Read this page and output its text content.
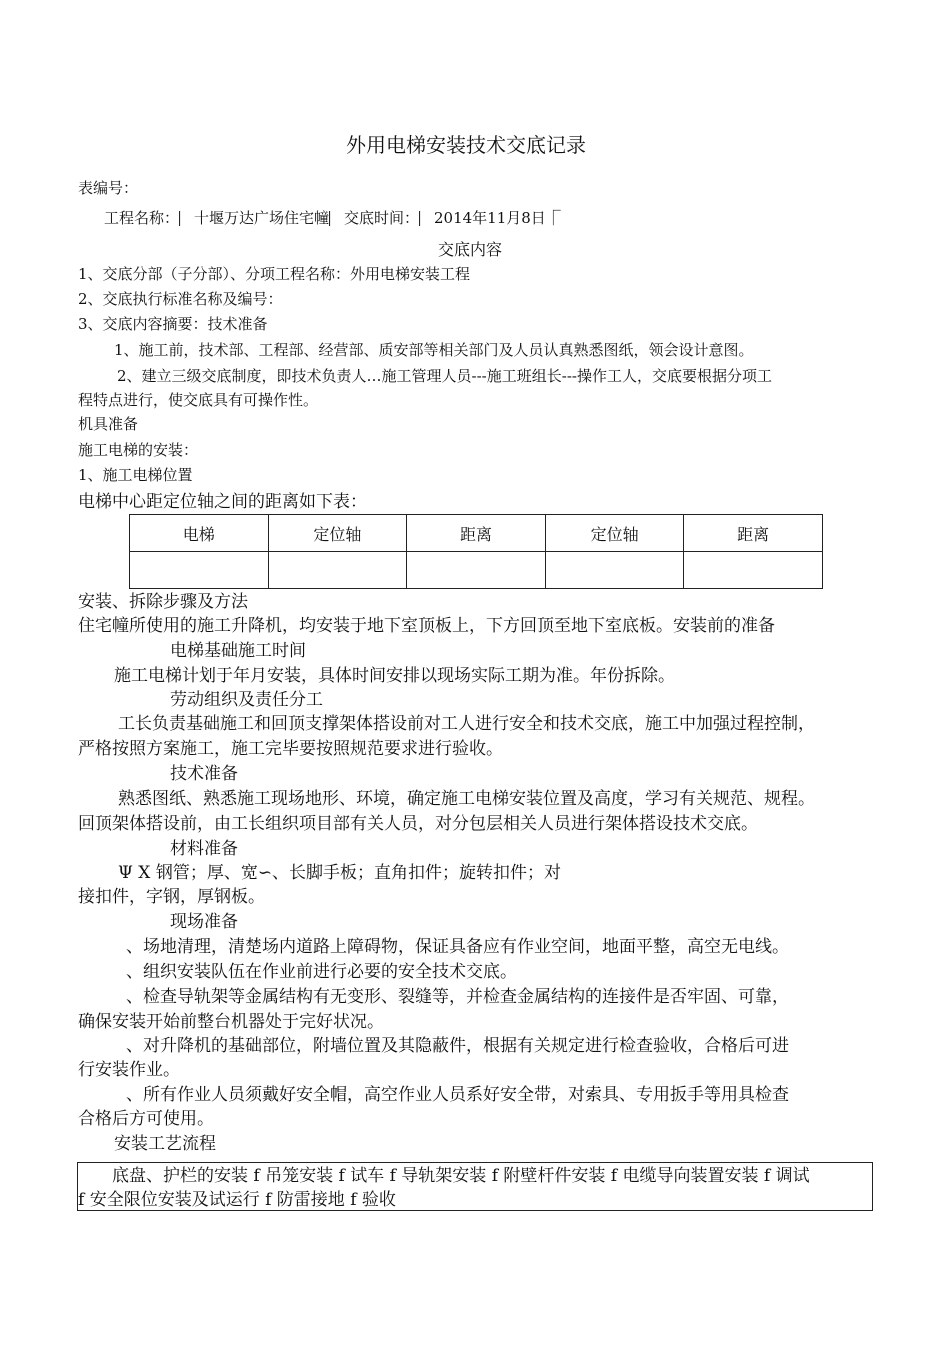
外用电梯安装技术交底记录
表编号：
工程名称：⎸十堰万达广场住宅幢⎸交底时间：⎸2014年11月8日⎾
交底内容
1、交底分部（子分部）、分项工程名称：外用电梯安装工程
2、交底执行标准名称及编号：
3、交底内容摘要：技术准备
1、施工前，技术部、工程部、经营部、质安部等相关部门及人员认真熟悉图纸，领会设计意图。
2、建立三级交底制度，即技术负责人…施工管理人员---施工班组长---操作工人，交底要根据分项工
程特点进行，使交底具有可操作性。
机具准备
施工电梯的安装：
1、施工电梯位置
电梯中心距定位轴之间的距离如下表：
电梯	定位轴	距离	定位轴	距离

安装、拆除步骤及方法
住宅幢所使用的施工升降机，均安装于地下室顶板上，下方回顶至地下室底板。安装前的准备
电梯基础施工时间
施工电梯计划于年月安装，具体时间安排以现场实际工期为准。年份拆除。
劳动组织及责任分工
工长负责基础施工和回顶支撑架体搭设前对工人进行安全和技术交底，施工中加强过程控制，
严格按照方案施工，施工完毕要按照规范要求进行验收。
技术准备
熟悉图纸、熟悉施工现场地形、环境，确定施工电梯安装位置及高度，学习有关规范、规程。
回顶架体搭设前，由工长组织项目部有关人员，对分包层相关人员进行架体搭设技术交底。
材料准备
Ψ X 钢管；厚、宽∽、长脚手板；直角扣件；旋转扣件；对
接扣件，字钢，厚钢板。
现场准备
、场地清理，清楚场内道路上障碍物，保证具备应有作业空间，地面平整，高空无电线。
、组织安装队伍在作业前进行必要的安全技术交底。
、检查导轨架等金属结构有无变形、裂缝等，并检查金属结构的连接件是否牢固、可靠，
确保安装开始前整台机器处于完好状况。
、对升降机的基础部位，附墙位置及其隐蔽件，根据有关规定进行检查验收，合格后可进
行安装作业。
、所有作业人员须戴好安全帽，高空作业人员系好安全带，对索具、专用扳手等用具检查
合格后方可使用。
安装工艺流程
底盘、护栏的安装 f 吊笼安装 f 试车 f 导轨架安装 f 附壁杆件安装 f 电缆导向装置安装 f 调试
f 安全限位安装及试运行 f 防雷接地 f 验收
